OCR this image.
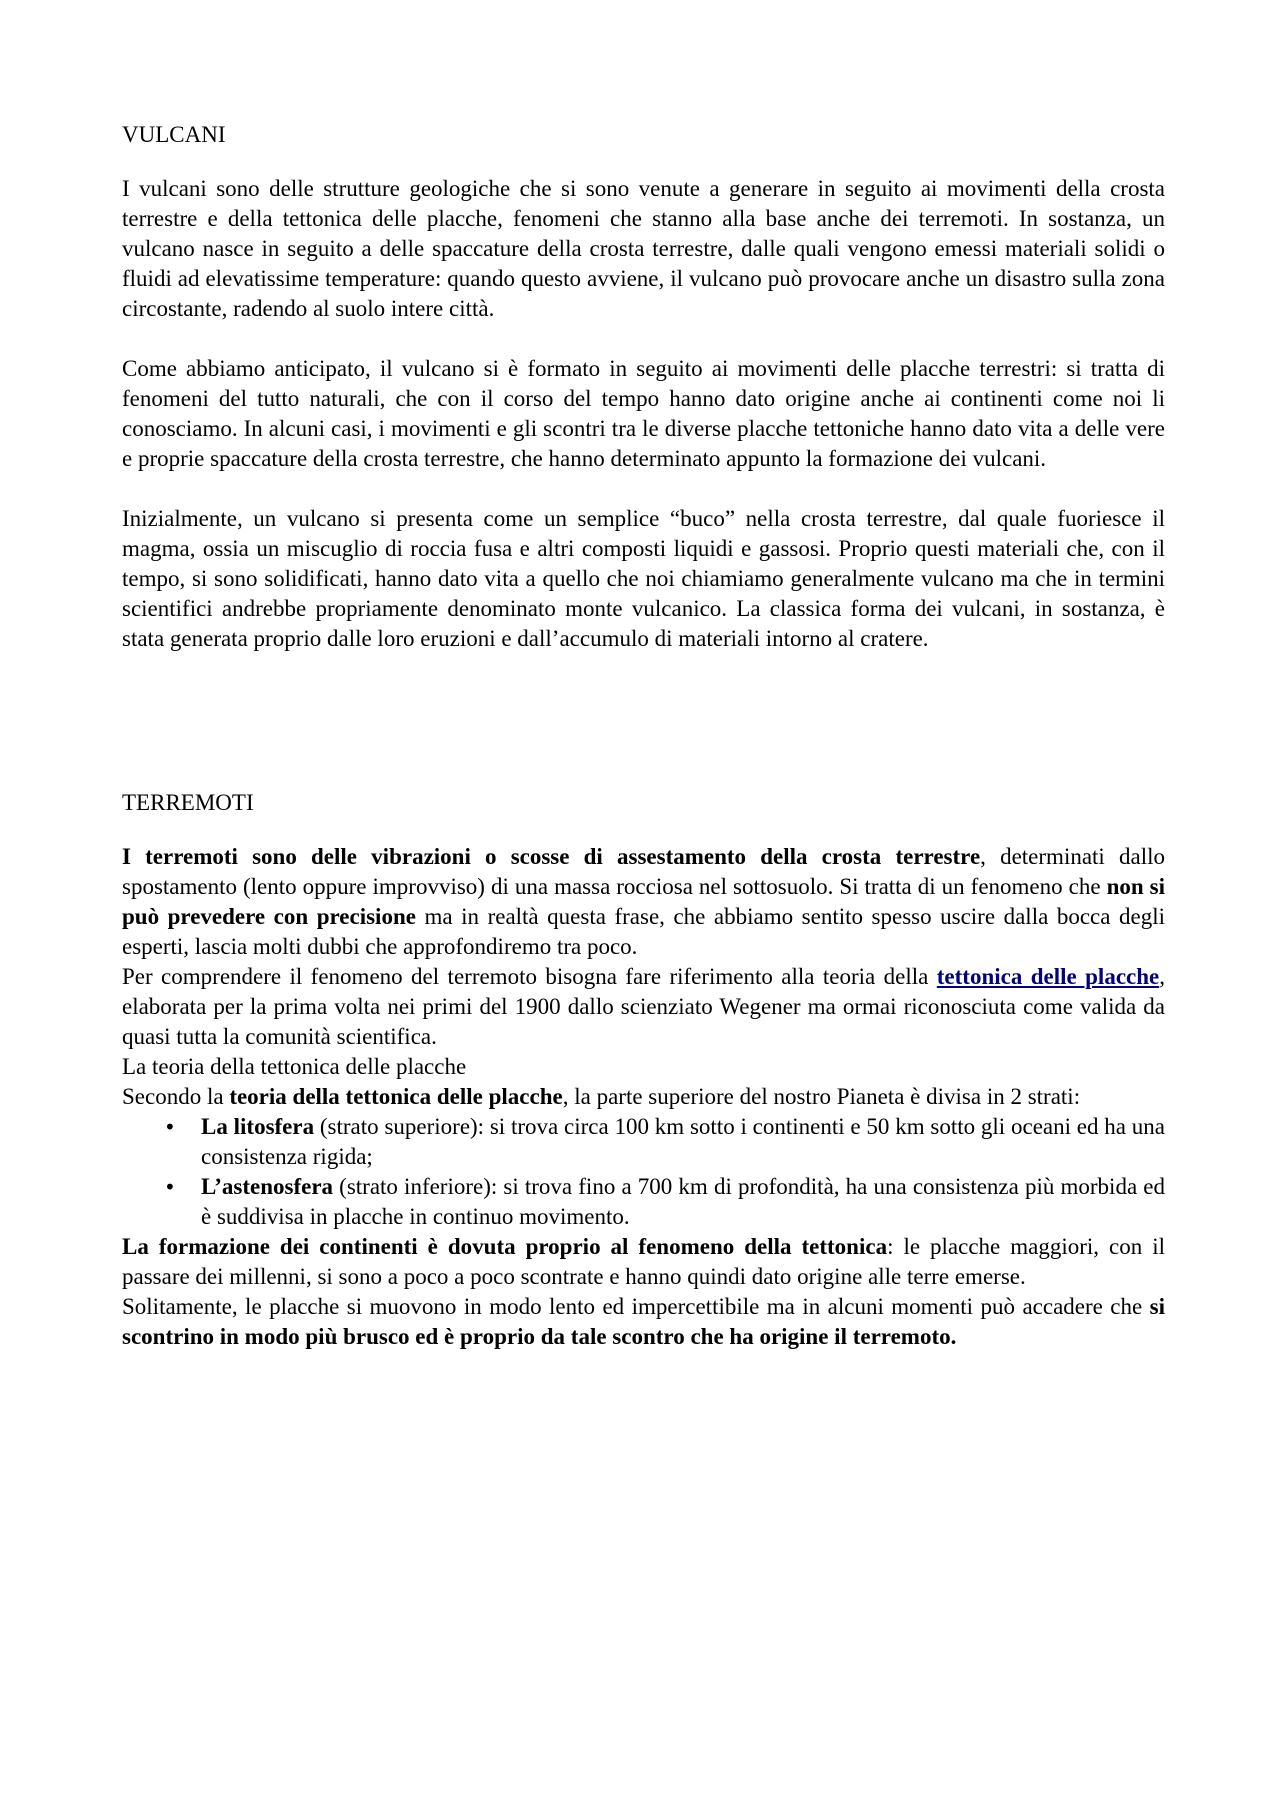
VULCANI

I vulcani sono delle strutture geologiche che si sono venute a generare in seguito ai movimenti della crosta terrestre e della tettonica delle placche, fenomeni che stanno alla base anche dei terremoti. In sostanza, un vulcano nasce in seguito a delle spaccature della crosta terrestre, dalle quali vengono emessi materiali solidi o fluidi ad elevatissime temperature: quando questo avviene, il vulcano può provocare anche un disastro sulla zona circostante, radendo al suolo intere città.

Come abbiamo anticipato, il vulcano si è formato in seguito ai movimenti delle placche terrestri: si tratta di fenomeni del tutto naturali, che con il corso del tempo hanno dato origine anche ai continenti come noi li conosciamo. In alcuni casi, i movimenti e gli scontri tra le diverse placche tettoniche hanno dato vita a delle vere e proprie spaccature della crosta terrestre, che hanno determinato appunto la formazione dei vulcani.

Inizialmente, un vulcano si presenta come un semplice “buco” nella crosta terrestre, dal quale fuoriesce il magma, ossia un miscuglio di roccia fusa e altri composti liquidi e gassosi. Proprio questi materiali che, con il tempo, si sono solidificati, hanno dato vita a quello che noi chiamiamo generalmente vulcano ma che in termini scientifici andrebbe propriamente denominato monte vulcanico. La classica forma dei vulcani, in sostanza, è stata generata proprio dalle loro eruzioni e dall’accumulo di materiali intorno al cratere.

TERREMOTI

I terremoti sono delle vibrazioni o scosse di assestamento della crosta terrestre, determinati dallo spostamento (lento oppure improvviso) di una massa rocciosa nel sottosuolo. Si tratta di un fenomeno che non si può prevedere con precisione ma in realtà questa frase, che abbiamo sentito spesso uscire dalla bocca degli esperti, lascia molti dubbi che approfondiremo tra poco.

Per comprendere il fenomeno del terremoto bisogna fare riferimento alla teoria della tettonica delle placche, elaborata per la prima volta nei primi del 1900 dallo scienziato Wegener ma ormai riconosciuta come valida da quasi tutta la comunità scientifica.

La teoria della tettonica delle placche

Secondo la teoria della tettonica delle placche, la parte superiore del nostro Pianeta è divisa in 2 strati:

• La litosfera (strato superiore): si trova circa 100 km sotto i continenti e 50 km sotto gli oceani ed ha una consistenza rigida;
• L’astenosfera (strato inferiore): si trova fino a 700 km di profondità, ha una consistenza più morbida ed è suddivisa in placche in continuo movimento.

La formazione dei continenti è dovuta proprio al fenomeno della tettonica: le placche maggiori, con il passare dei millenni, si sono a poco a poco scontrate e hanno quindi dato origine alle terre emerse.

Solitamente, le placche si muovono in modo lento ed impercettibile ma in alcuni momenti può accadere che si scontrino in modo più brusco ed è proprio da tale scontro che ha origine il terremoto.
